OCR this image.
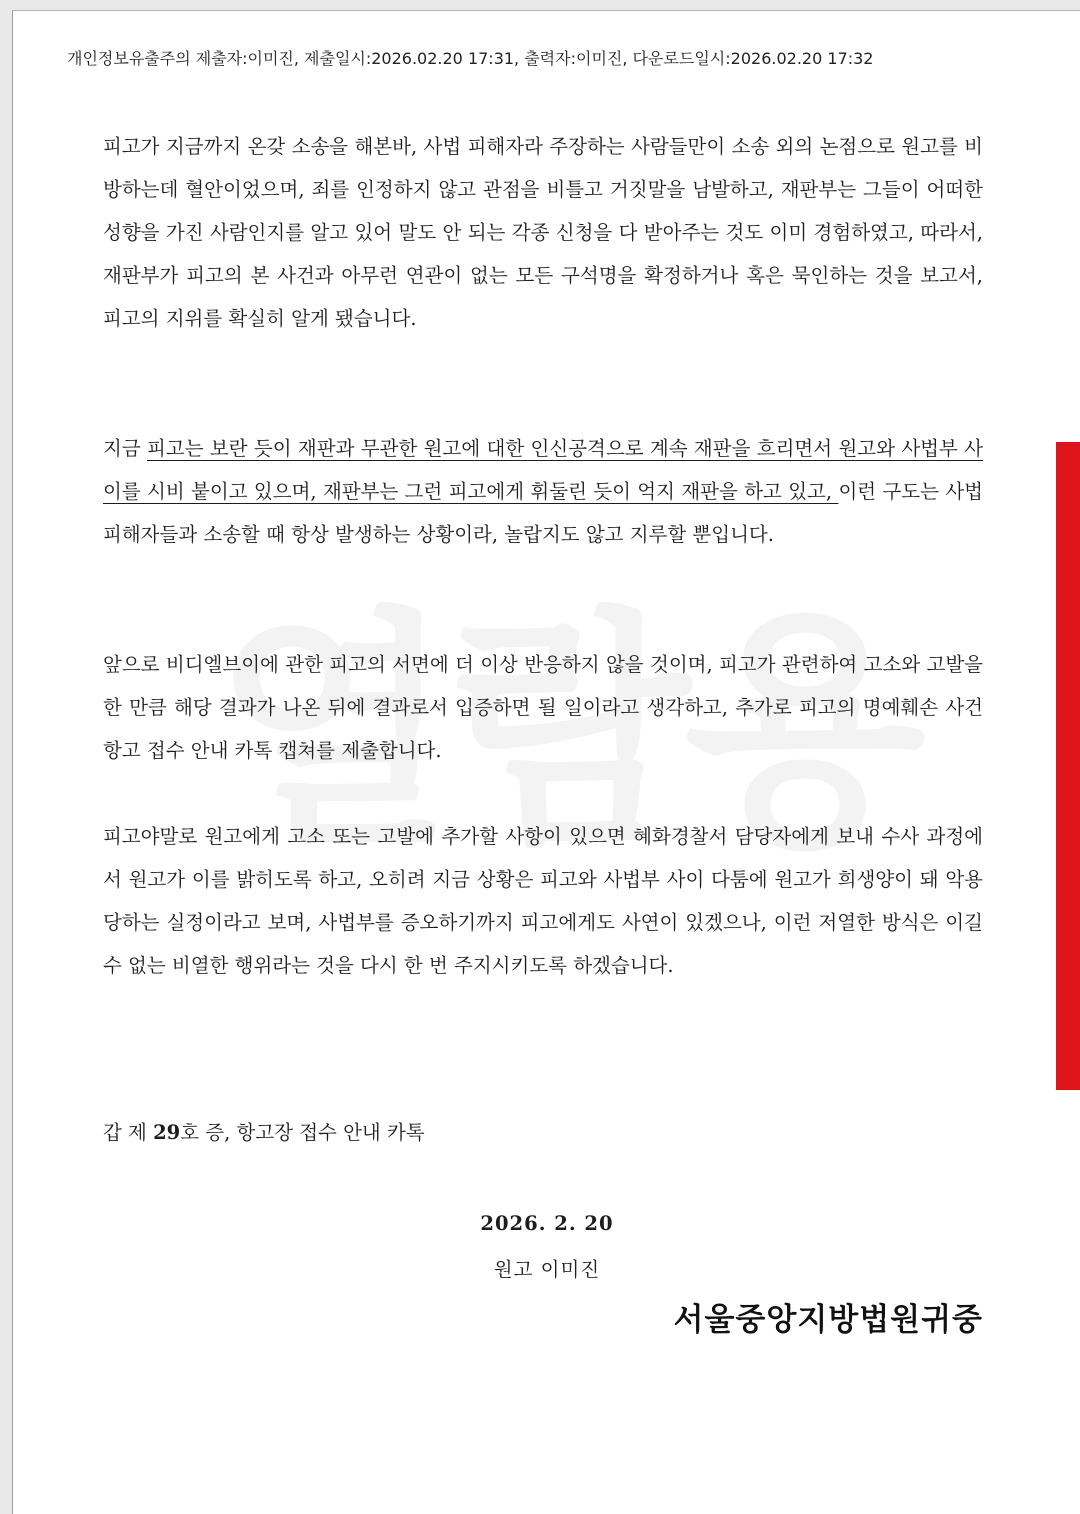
개인정보유출주의 제출자:이미진, 제출일시:2026.02.20 17:31, 출력자:이미진, 다운로드일시:2026.02.20 17:32

피고가 지금까지 온갖 소송을 해본바, 사법 피해자라 주장하는 사람들만이 소송 외의 논점으로 원고를 비방하는데 혈안이었으며, 죄를 인정하지 않고 관점을 비틀고 거짓말을 남발하고, 재판부는 그들이 어떠한 성향을 가진 사람인지를 알고 있어 말도 안 되는 각종 신청을 다 받아주는 것도 이미 경험하였고, 따라서, 재판부가 피고의 본 사건과 아무런 연관이 없는 모든 구석명을 확정하거나 혹은 묵인하는 것을 보고서, 피고의 지위를 확실히 알게 됐습니다.

지금 피고는 보란 듯이 재판과 무관한 원고에 대한 인신공격으로 계속 재판을 흐리면서 원고와 사법부 사이를 시비 붙이고 있으며, 재판부는 그런 피고에게 휘둘린 듯이 억지 재판을 하고 있고, 이런 구도는 사법피해자들과 소송할 때 항상 발생하는 상황이라, 놀랍지도 않고 지루할 뿐입니다.

앞으로 비디엘브이에 관한 피고의 서면에 더 이상 반응하지 않을 것이며, 피고가 관련하여 고소와 고발을 한 만큼 해당 결과가 나온 뒤에 결과로서 입증하면 될 일이라고 생각하고, 추가로 피고의 명예훼손 사건 항고 접수 안내 카톡 캡쳐를 제출합니다.

피고야말로 원고에게 고소 또는 고발에 추가할 사항이 있으면 혜화경찰서 담당자에게 보내 수사 과정에서 원고가 이를 밝히도록 하고, 오히려 지금 상황은 피고와 사법부 사이 다툼에 원고가 희생양이 돼 악용당하는 실정이라고 보며, 사법부를 증오하기까지 피고에게도 사연이 있겠으나, 이런 저열한 방식은 이길 수 없는 비열한 행위라는 것을 다시 한 번 주지시키도록 하겠습니다.

갑 제 29호 증, 항고장 접수 안내 카톡
2026. 2. 20
원고 이미진
서울중앙지방법원귀중
